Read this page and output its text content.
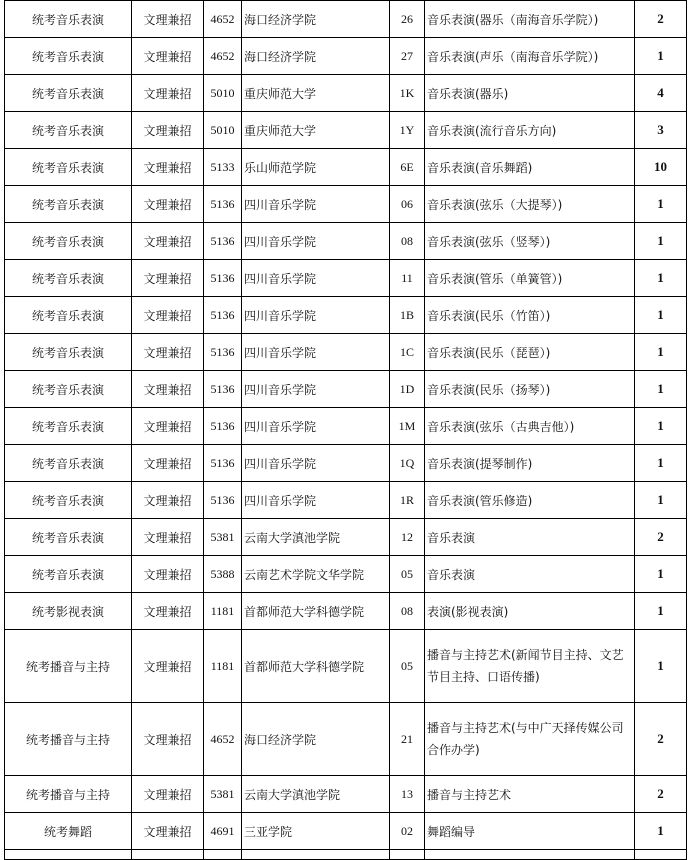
统考音乐表演	文理兼招	4652	海口经济学院	26	音乐表演(器乐（南海音乐学院）)	2
统考音乐表演	文理兼招	4652	海口经济学院	27	音乐表演(声乐（南海音乐学院）)	1
统考音乐表演	文理兼招	5010	重庆师范大学	1K	音乐表演(器乐)	4
统考音乐表演	文理兼招	5010	重庆师范大学	1Y	音乐表演(流行音乐方向)	3
统考音乐表演	文理兼招	5133	乐山师范学院	6E	音乐表演(音乐舞蹈)	10
统考音乐表演	文理兼招	5136	四川音乐学院	06	音乐表演(弦乐（大提琴）)	1
统考音乐表演	文理兼招	5136	四川音乐学院	08	音乐表演(弦乐（竖琴）)	1
统考音乐表演	文理兼招	5136	四川音乐学院	11	音乐表演(管乐（单簧管）)	1
统考音乐表演	文理兼招	5136	四川音乐学院	1B	音乐表演(民乐（竹笛）)	1
统考音乐表演	文理兼招	5136	四川音乐学院	1C	音乐表演(民乐（琵琶）)	1
统考音乐表演	文理兼招	5136	四川音乐学院	1D	音乐表演(民乐（扬琴）)	1
统考音乐表演	文理兼招	5136	四川音乐学院	1M	音乐表演(弦乐（古典吉他）)	1
统考音乐表演	文理兼招	5136	四川音乐学院	1Q	音乐表演(提琴制作)	1
统考音乐表演	文理兼招	5136	四川音乐学院	1R	音乐表演(管乐修造)	1
统考音乐表演	文理兼招	5381	云南大学滇池学院	12	音乐表演	2
统考音乐表演	文理兼招	5388	云南艺术学院文华学院	05	音乐表演	1
统考影视表演	文理兼招	1181	首都师范大学科德学院	08	表演(影视表演)	1
统考播音与主持	文理兼招	1181	首都师范大学科德学院	05	播音与主持艺术(新闻节目主持、文艺节目主持、口语传播)	1
统考播音与主持	文理兼招	4652	海口经济学院	21	播音与主持艺术(与中广天择传媒公司合作办学)	2
统考播音与主持	文理兼招	5381	云南大学滇池学院	13	播音与主持艺术	2
统考舞蹈	文理兼招	4691	三亚学院	02	舞蹈编导	1
